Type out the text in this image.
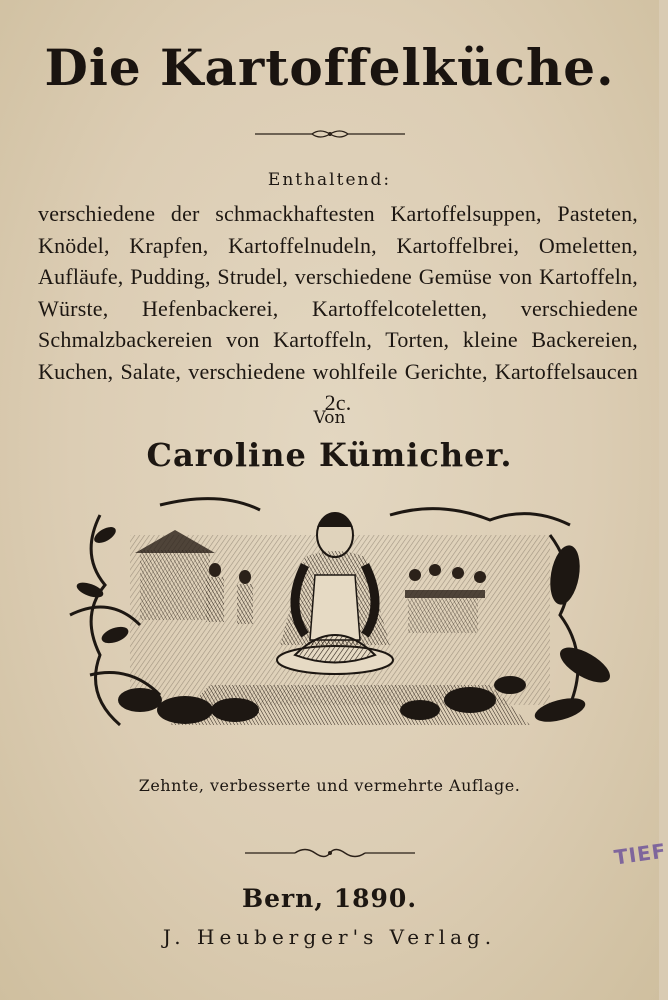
Die Kartoffelküche.
Enthaltend:
verschiedene der schmackhaftesten Kartoffelsuppen, Pasteten, Knödel, Krapfen, Kartoffelnudeln, Kartoffelbrei, Omeletten, Aufläufe, Pudding, Strudel, verschiedene Gemüse von Kartoffeln, Würste, Hefenbackerei, Kartoffelcoteletten, verschiedene Schmalzbackereien von Kartoffeln, Torten, kleine Backereien, Kuchen, Salate, verschiedene wohlfeile Gerichte, Kartoffelsaucen 2c.
Von
Caroline Kümicher.
Zehnte, verbesserte und vermehrte Auflage.
Bern, 1890.
J. Heuberger's Verlag.
TIEF
